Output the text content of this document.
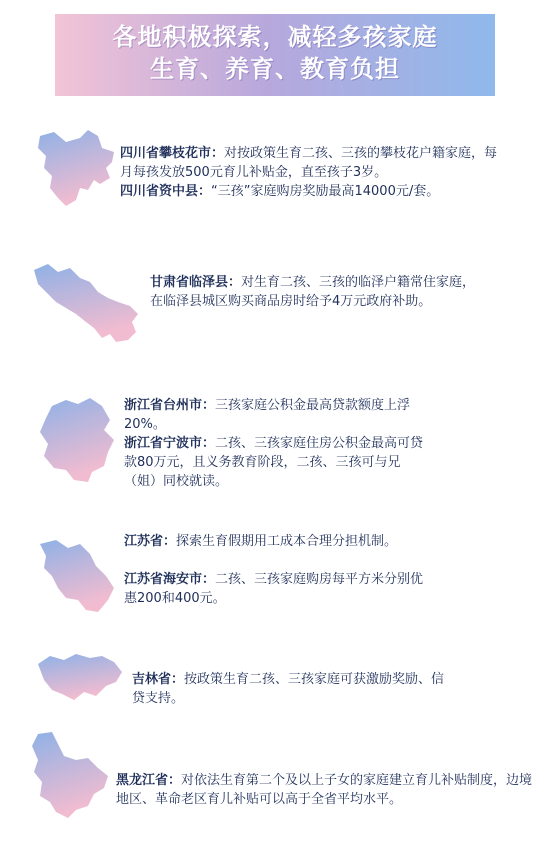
各地积极探索，减轻多孩家庭
生育、养育、教育负担
四川省攀枝花市：对按政策生育二孩、三孩的攀枝花户籍家庭，每月每孩发放500元育儿补贴金，直至孩子3岁。
四川省资中县：“三孩”家庭购房奖励最高14000元/套。
甘肃省临泽县：对生育二孩、三孩的临泽户籍常住家庭，在临泽县城区购买商品房时给予4万元政府补助。
浙江省台州市：三孩家庭公积金最高贷款额度上浮20%。
浙江省宁波市：二孩、三孩家庭住房公积金最高可贷款80万元，且义务教育阶段，二孩、三孩可与兄（姐）同校就读。
江苏省：探索生育假期用工成本合理分担机制。
江苏省海安市：二孩、三孩家庭购房每平方米分别优惠200和400元。
吉林省：按政策生育二孩、三孩家庭可获激励奖励、信贷支持。
黑龙江省：对依法生育第二个及以上子女的家庭建立育儿补贴制度，边境地区、革命老区育儿补贴可以高于全省平均水平。
